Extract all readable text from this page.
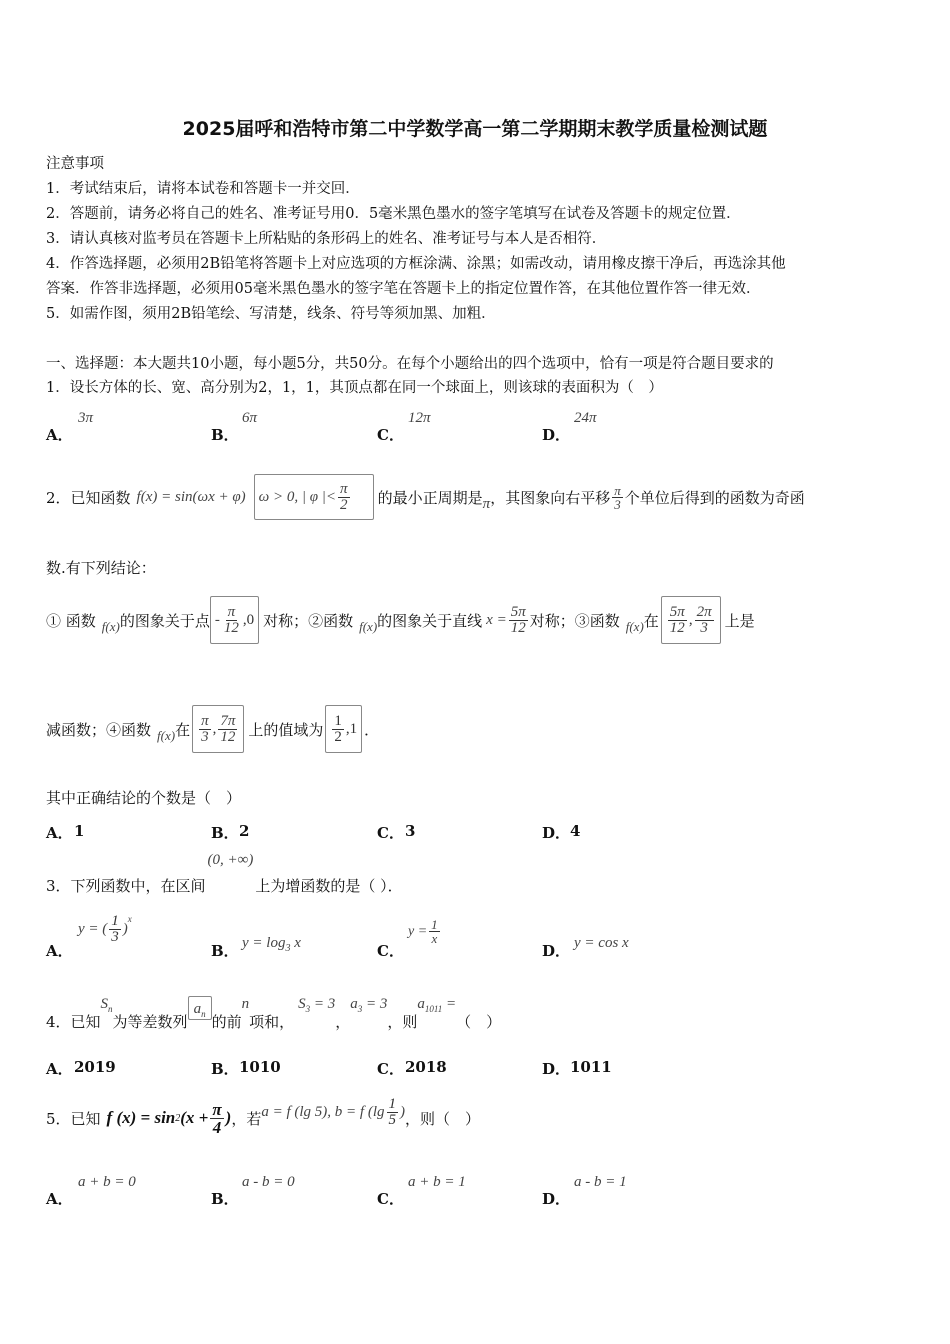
2025届呼和浩特市第二中学数学高一第二学期期末教学质量检测试题
注意事项
1．考试结束后，请将本试卷和答题卡一并交回．
2．答题前，请务必将自己的姓名、准考证号用0．5毫米黑色墨水的签字笔填写在试卷及答题卡的规定位置．
3．请认真核对监考员在答题卡上所粘贴的条形码上的姓名、准考证号与本人是否相符．
4．作答选择题，必须用2B铅笔将答题卡上对应选项的方框涂满、涂黑；如需改动，请用橡皮擦干净后，再选涂其他
答案．作答非选择题，必须用05毫米黑色墨水的签字笔在答题卡上的指定位置作答，在其他位置作答一律无效．
5．如需作图，须用2B铅笔绘、写清楚，线条、符号等须加黑、加粗．
一、选择题：本大题共10小题，每小题5分，共50分。在每个小题给出的四个选项中，恰有一项是符合题目要求的
1．设长方体的长、宽、高分别为2，1，1，其顶点都在同一个球面上，则该球的表面积为（　）
A．
3π
B．
6π
C．
12π
D．
24π
2．已知函数 f(x) = sin(ωx + φ) ω > 0, | φ |< $\frac{\pi}{2}$ 的最小正周期是 π ，其图象向右平移 $\frac{\pi}{3}$ 个单位后得到的函数为奇函
数.有下列结论：
① 函数 f(x) 的图象关于点 - $\frac{\pi}{12} ,0$ 对称；②函数 f(x) 的图象关于直线 $x = \frac{5\pi}{12}$ 对称；③函数 f(x) 在 $\frac{5\pi}{12}$ , $\frac{2\pi}{3}$ 上是
减函数；④函数 f(x) 在 $\frac{\pi}{3}$ , $\frac{7\pi}{12}$ 上的值域为 $\frac{1}{2} ,1$ ．
其中正确结论的个数是（　）
A． 1	B． 2	C． 3	D． 4
3．下列函数中，在区间
(0, +∞)
上为增函数的是（ ）．
A．
y = ( $\frac{1}{3}$ )
$^x$
B． $y = \log_3 x$	C．
$y = \frac{1}{x}$
D． y = cos x
4．已知
$S_n$
为等差数列
$a_n$ 的前
n
项和，
$S_3 = 3$
，
$a_3 = 3$
，则
$a_{1011}$ =
（　）
A． 2019	B． 1010	C． 2018	D． 1011
5．已知 f (x) = sin 2 ($x + \frac{\pi}{4}$ ) ，若 a = f (lg 5), b = f ($\lg \frac{1}{5}$ ) ，则（　）
A．
a + b = 0
B．
a - b = 0
C．
a + b = 1
D．
a - b = 1
